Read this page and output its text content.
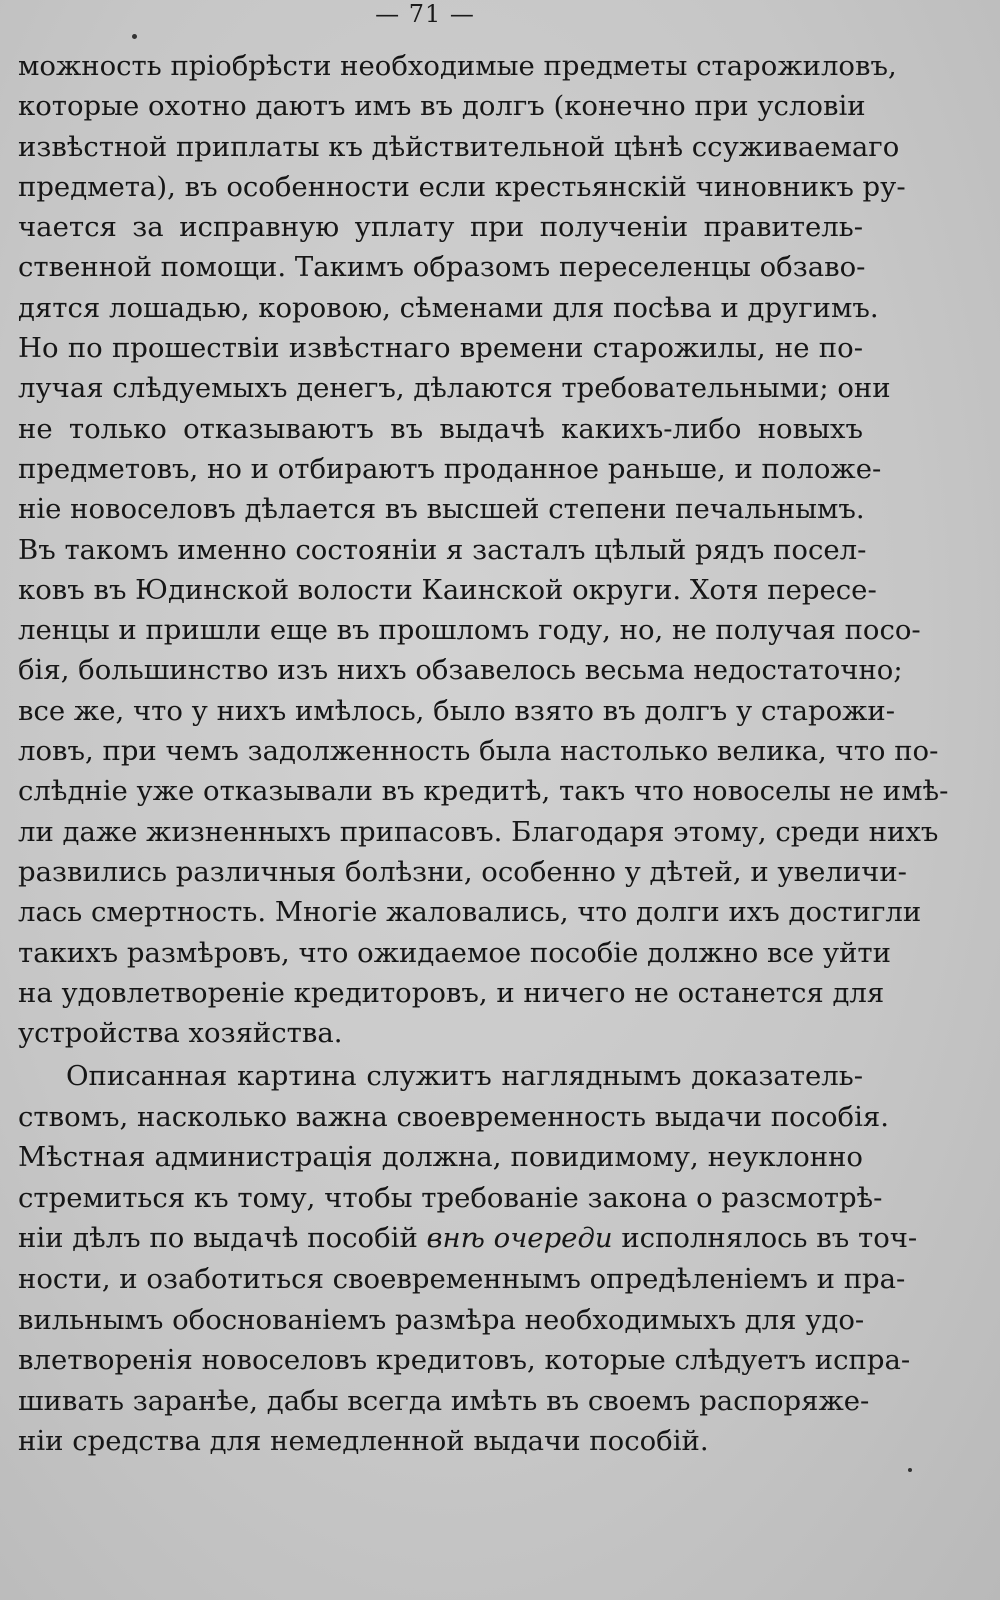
— 71 —
можность пріобрѣсти необходимые предметы старожиловъ,
которые охотно даютъ имъ въ долгъ (конечно при условіи
извѣстной приплаты къ дѣйствительной цѣнѣ ссуживаемаго
предмета), въ особенности если крестьянскій чиновникъ ру-
чается за исправную уплату при полученіи правитель-
ственной помощи. Такимъ образомъ переселенцы обзаво-
дятся лошадью, коровою, сѣменами для посѣва и другимъ.
Но по прошествіи извѣстнаго времени старожилы, не по-
лучая слѣдуемыхъ денегъ, дѣлаются требовательными; они
не только отказываютъ въ выдачѣ какихъ-либо новыхъ
предметовъ, но и отбираютъ проданное раньше, и положе-
ніе новоселовъ дѣлается въ высшей степени печальнымъ.
Въ такомъ именно состояніи я засталъ цѣлый рядъ посел-
ковъ въ Юдинской волости Каинской округи. Хотя пересе-
ленцы и пришли еще въ прошломъ году, но, не получая посо-
бія, большинство изъ нихъ обзавелось весьма недостаточно;
все же, что у нихъ имѣлось, было взято въ долгъ у старожи-
ловъ, при чемъ задолженность была настолько велика, что по-
слѣдніе уже отказывали въ кредитѣ, такъ что новоселы не имѣ-
ли даже жизненныхъ припасовъ. Благодаря этому, среди нихъ
развились различныя болѣзни, особенно у дѣтей, и увеличи-
лась смертность. Многіе жаловались, что долги ихъ достигли
такихъ размѣровъ, что ожидаемое пособіе должно все уйти
на удовлетвореніе кредиторовъ, и ничего не останется для
устройства хозяйства.
Описанная картина служитъ нагляднымъ доказатель-
ствомъ, насколько важна своевременность выдачи пособія.
Мѣстная администрація должна, повидимому, неуклонно
стремиться къ тому, чтобы требованіе закона о разсмотрѣ-
ніи дѣлъ по выдачѣ пособій внѣ очереди исполнялось въ точ-
ности, и озаботиться своевременнымъ опредѣленіемъ и пра-
вильнымъ обоснованіемъ размѣра необходимыхъ для удо-
влетворенія новоселовъ кредитовъ, которые слѣдуетъ испра-
шивать заранѣе, дабы всегда имѣть въ своемъ распоряже-
ніи средства для немедленной выдачи пособій.
